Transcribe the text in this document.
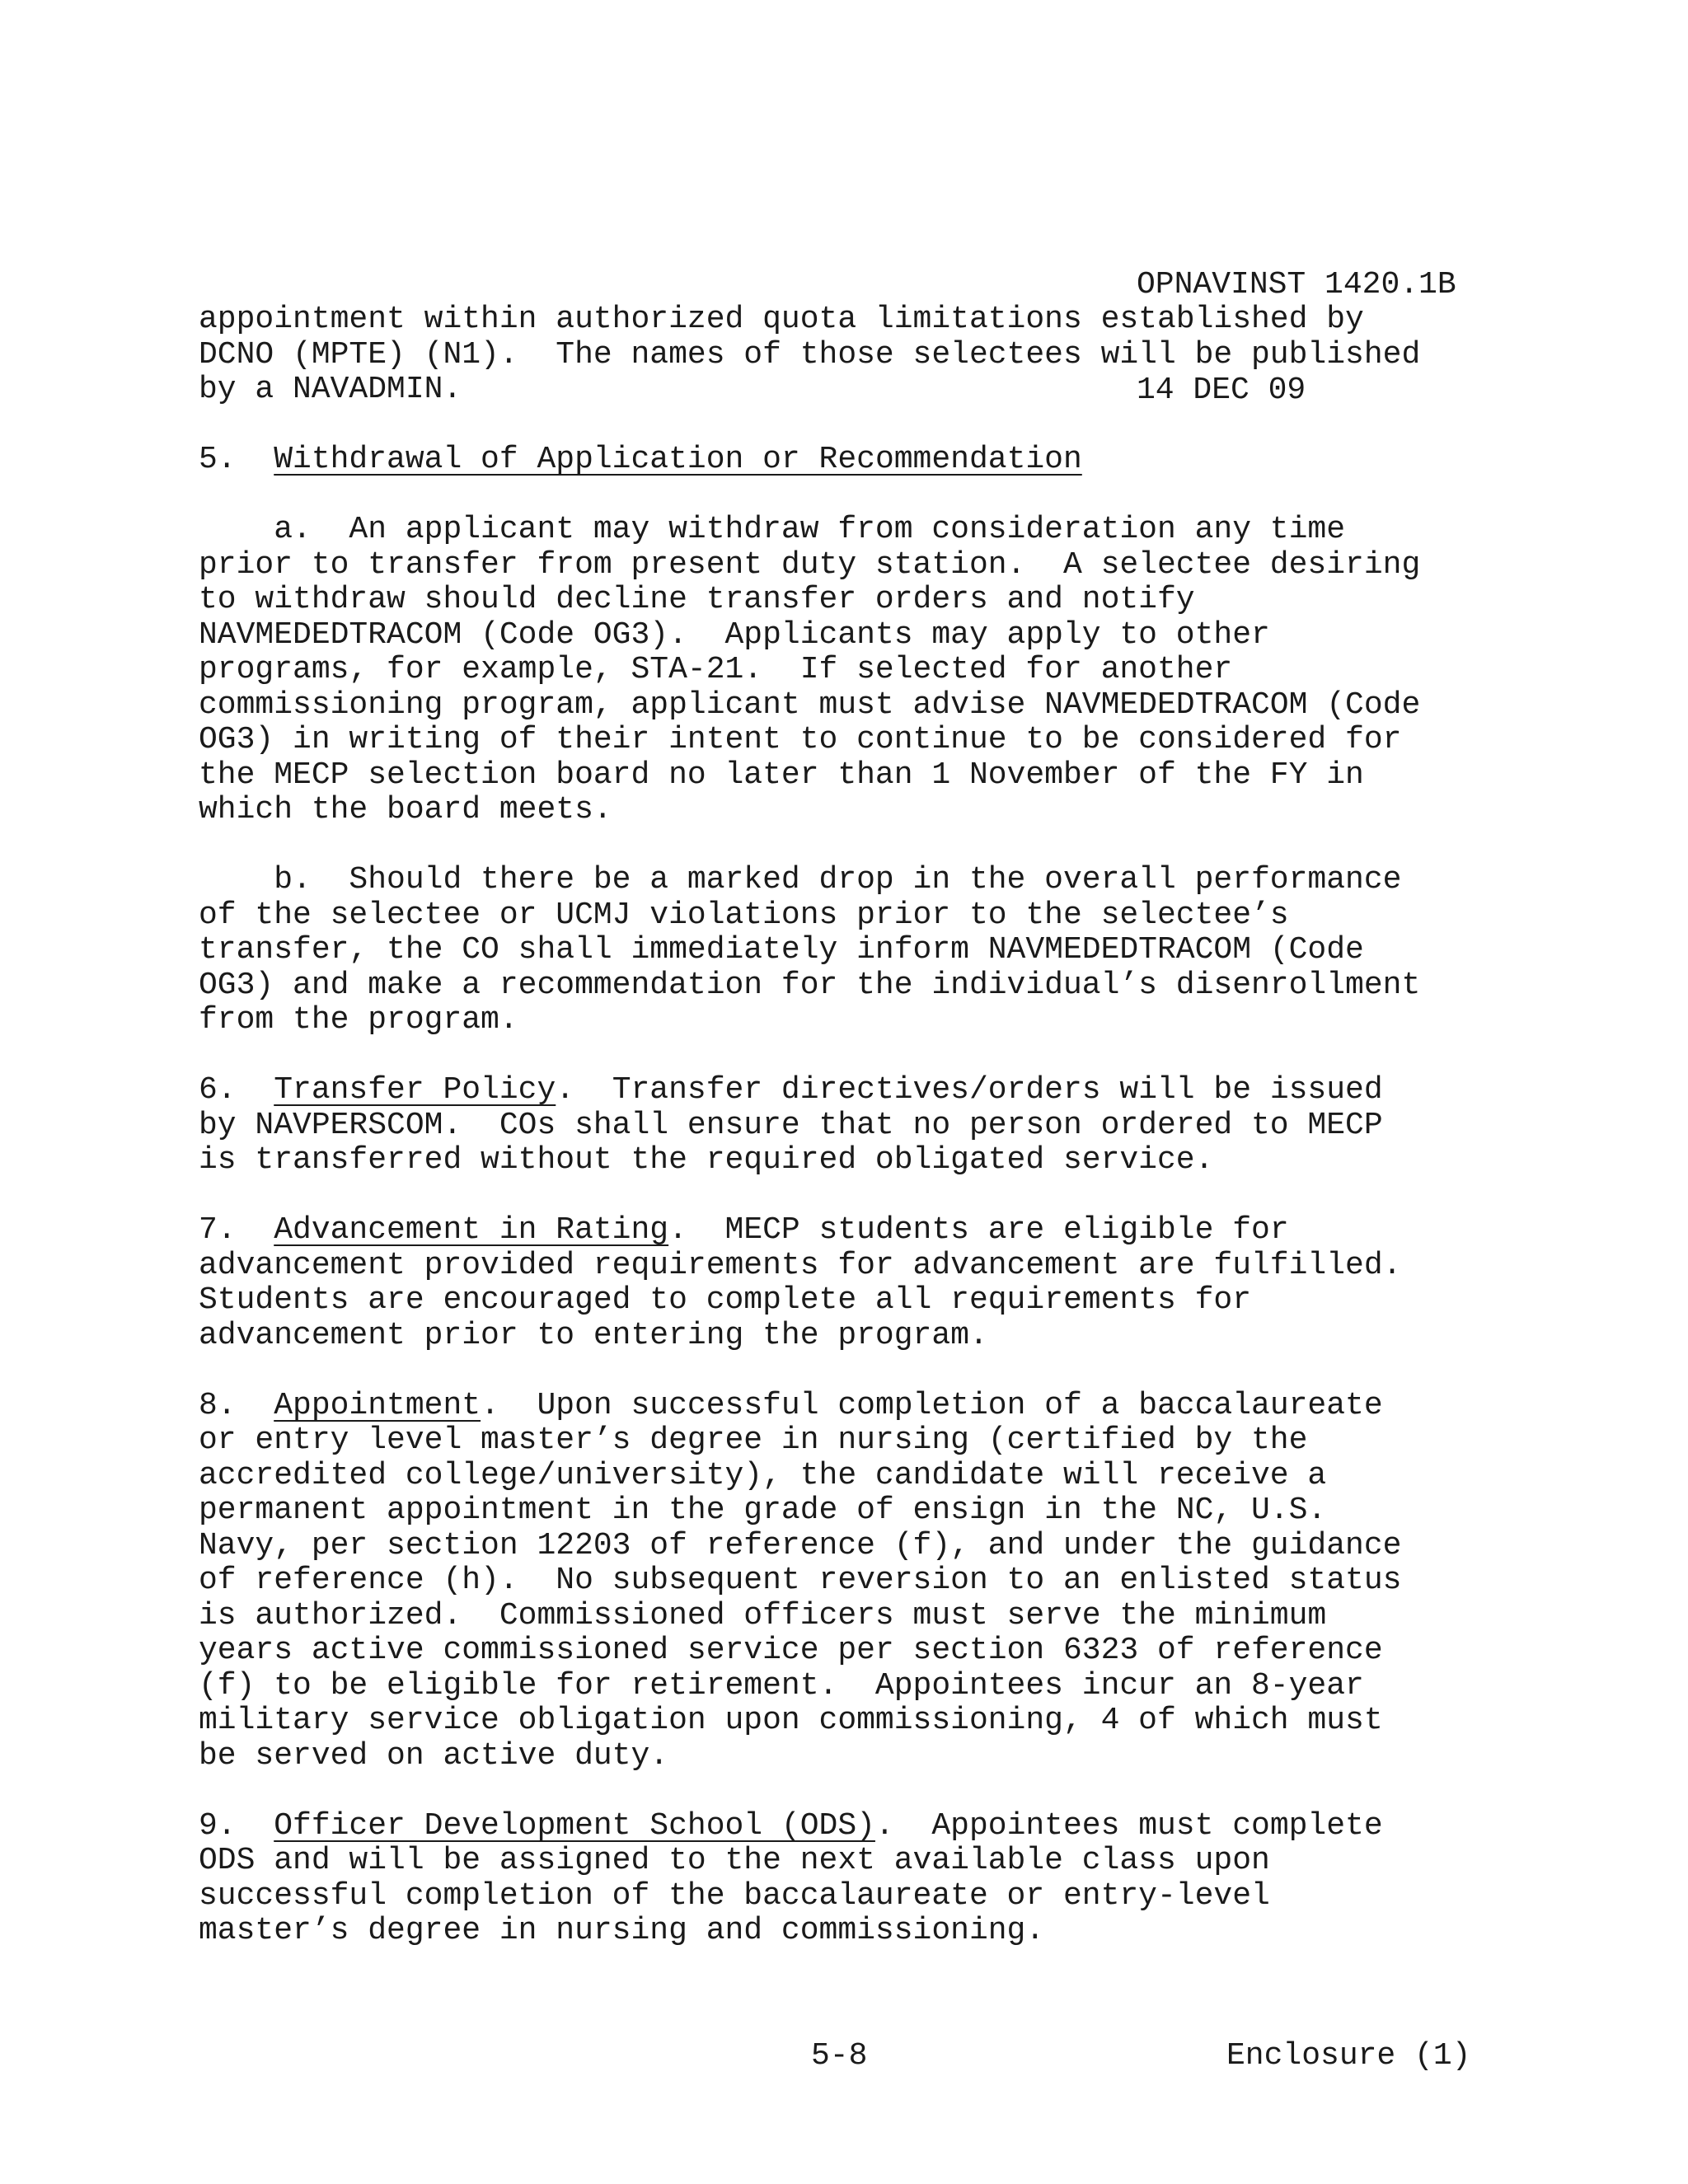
OPNAVINST 1420.1B

14 DEC 09

appointment within authorized quota limitations established by
DCNO (MPTE) (N1).  The names of those selectees will be published
by a NAVADMIN.
5.  Withdrawal of Application or Recommendation
a.  An applicant may withdraw from consideration any time
prior to transfer from present duty station.  A selectee desiring
to withdraw should decline transfer orders and notify
NAVMEDEDTRACOM (Code OG3).  Applicants may apply to other
programs, for example, STA-21.  If selected for another
commissioning program, applicant must advise NAVMEDEDTRACOM (Code
OG3) in writing of their intent to continue to be considered for
the MECP selection board no later than 1 November of the FY in
which the board meets.
b.  Should there be a marked drop in the overall performance
of the selectee or UCMJ violations prior to the selectee’s
transfer, the CO shall immediately inform NAVMEDEDTRACOM (Code
OG3) and make a recommendation for the individual’s disenrollment
from the program.
6.  Transfer Policy.  Transfer directives/orders will be issued
by NAVPERSCOM.  COs shall ensure that no person ordered to MECP
is transferred without the required obligated service.
7.  Advancement in Rating.  MECP students are eligible for
advancement provided requirements for advancement are fulfilled.
Students are encouraged to complete all requirements for
advancement prior to entering the program.
8.  Appointment.  Upon successful completion of a baccalaureate
or entry level master’s degree in nursing (certified by the
accredited college/university), the candidate will receive a
permanent appointment in the grade of ensign in the NC, U.S.
Navy, per section 12203 of reference (f), and under the guidance
of reference (h).  No subsequent reversion to an enlisted status
is authorized.  Commissioned officers must serve the minimum
years active commissioned service per section 6323 of reference
(f) to be eligible for retirement.  Appointees incur an 8-year
military service obligation upon commissioning, 4 of which must
be served on active duty.
9.  Officer Development School (ODS).  Appointees must complete
ODS and will be assigned to the next available class upon
successful completion of the baccalaureate or entry-level
master’s degree in nursing and commissioning.
5-8	Enclosure (1)
